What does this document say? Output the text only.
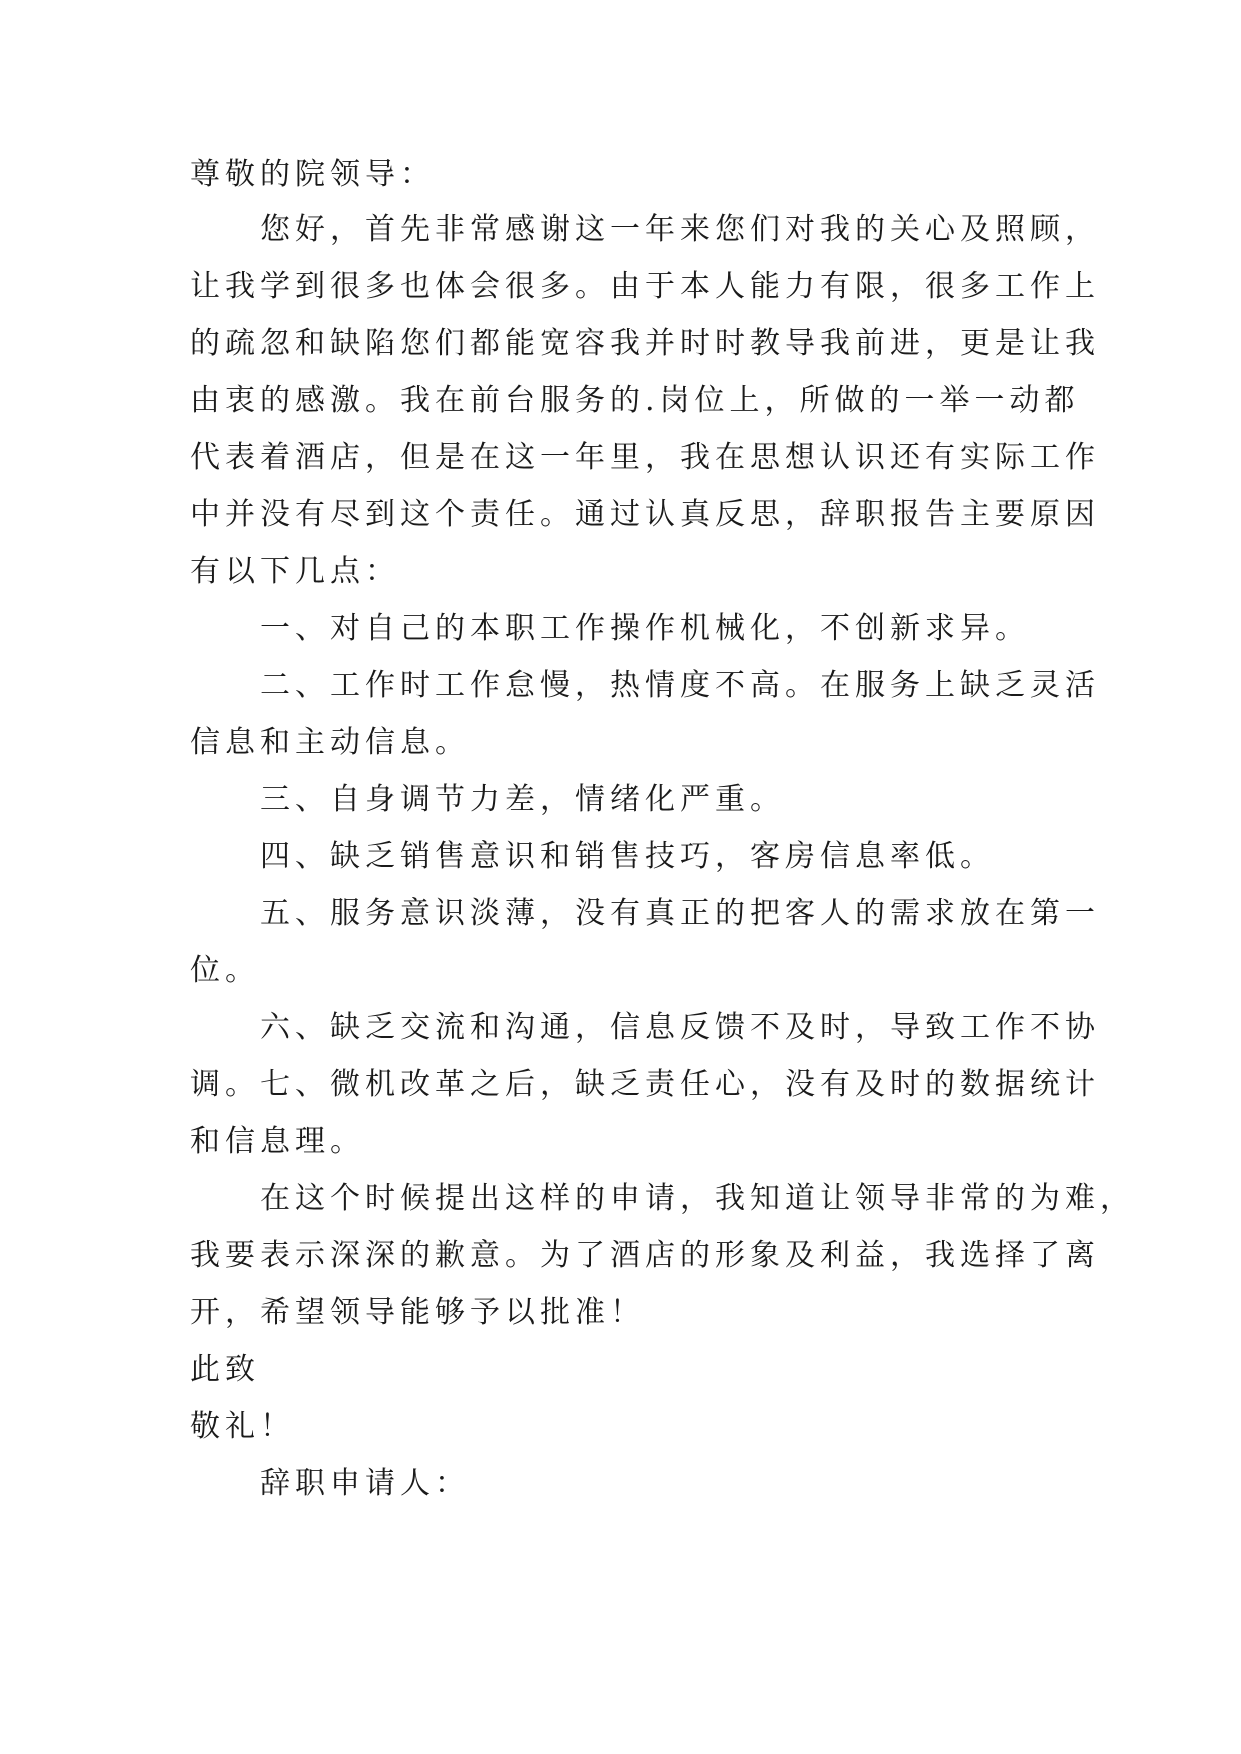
尊敬的院领导：
　　您好，首先非常感谢这一年来您们对我的关心及照顾，
让我学到很多也体会很多。由于本人能力有限，很多工作上
的疏忽和缺陷您们都能宽容我并时时教导我前进，更是让我
由衷的感激。我在前台服务的.岗位上，所做的一举一动都
代表着酒店，但是在这一年里，我在思想认识还有实际工作
中并没有尽到这个责任。通过认真反思，辞职报告主要原因
有以下几点：
　　一、对自己的本职工作操作机械化，不创新求异。
　　二、工作时工作怠慢，热情度不高。在服务上缺乏灵活
信息和主动信息。
　　三、自身调节力差，情绪化严重。
　　四、缺乏销售意识和销售技巧，客房信息率低。
　　五、服务意识淡薄，没有真正的把客人的需求放在第一
位。
　　六、缺乏交流和沟通，信息反馈不及时，导致工作不协
调。七、微机改革之后，缺乏责任心，没有及时的数据统计
和信息理。
　　在这个时候提出这样的申请，我知道让领导非常的为难，
我要表示深深的歉意。为了酒店的形象及利益，我选择了离
开，希望领导能够予以批准！
此致
敬礼！
　　辞职申请人：
